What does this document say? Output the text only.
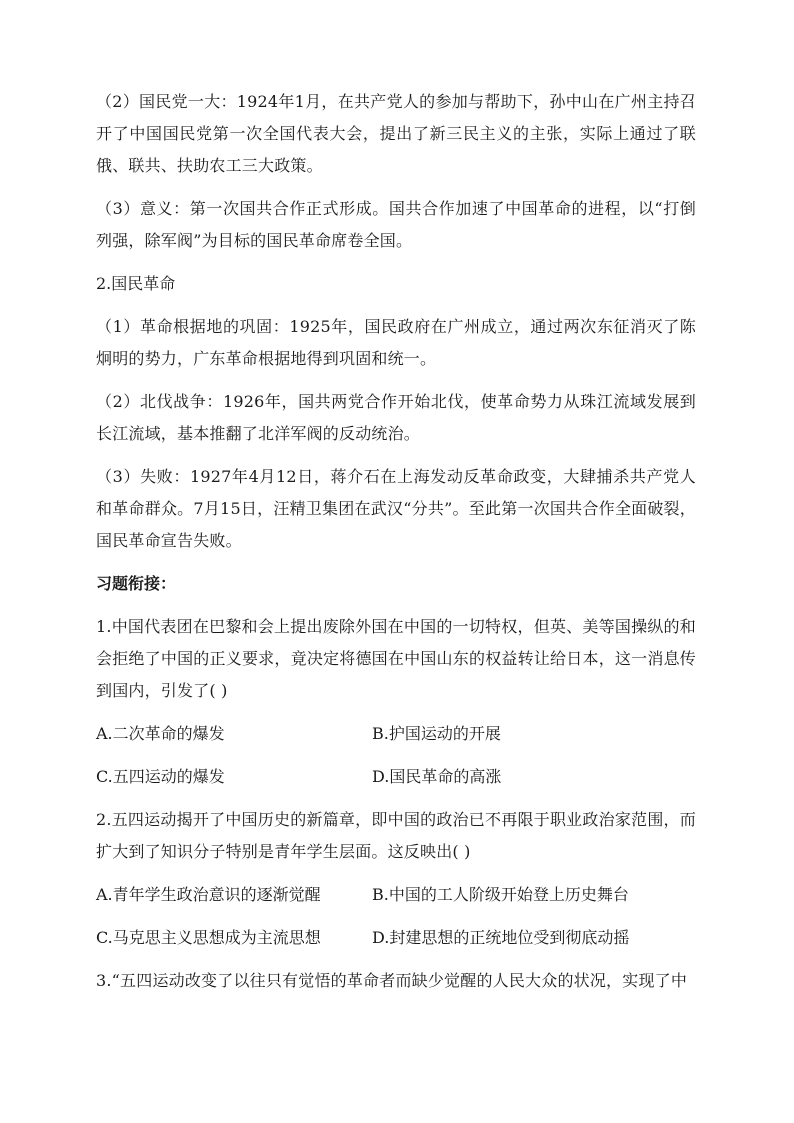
（2）国民党一大：1924年1月，在共产党人的参加与帮助下，孙中山在广州主持召开了中国国民党第一次全国代表大会，提出了新三民主义的主张，实际上通过了联俄、联共、扶助农工三大政策。

（3）意义：第一次国共合作正式形成。国共合作加速了中国革命的进程，以“打倒列强，除军阀”为目标的国民革命席卷全国。

2.国民革命

（1）革命根据地的巩固：1925年，国民政府在广州成立，通过两次东征消灭了陈炯明的势力，广东革命根据地得到巩固和统一。

（2）北伐战争：1926年，国共两党合作开始北伐，使革命势力从珠江流域发展到长江流域，基本推翻了北洋军阀的反动统治。

（3）失败：1927年4月12日，蒋介石在上海发动反革命政变，大肆捕杀共产党人和革命群众。7月15日，汪精卫集团在武汉“分共”。至此第一次国共合作全面破裂，国民革命宣告失败。

习题衔接：

1.中国代表团在巴黎和会上提出废除外国在中国的一切特权，但英、美等国操纵的和会拒绝了中国的正义要求，竟决定将德国在中国山东的权益转让给日本，这一消息传到国内，引发了( )

A.二次革命的爆发	B.护国运动的开展
C.五四运动的爆发	D.国民革命的高涨

2.五四运动揭开了中国历史的新篇章，即中国的政治已不再限于职业政治家范围，而扩大到了知识分子特别是青年学生层面。这反映出( )

A.青年学生政治意识的逐渐觉醒	B.中国的工人阶级开始登上历史舞台
C.马克思主义思想成为主流思想	D.封建思想的正统地位受到彻底动摇

3.“五四运动改变了以往只有觉悟的革命者而缺少觉醒的人民大众的状况，实现了中
